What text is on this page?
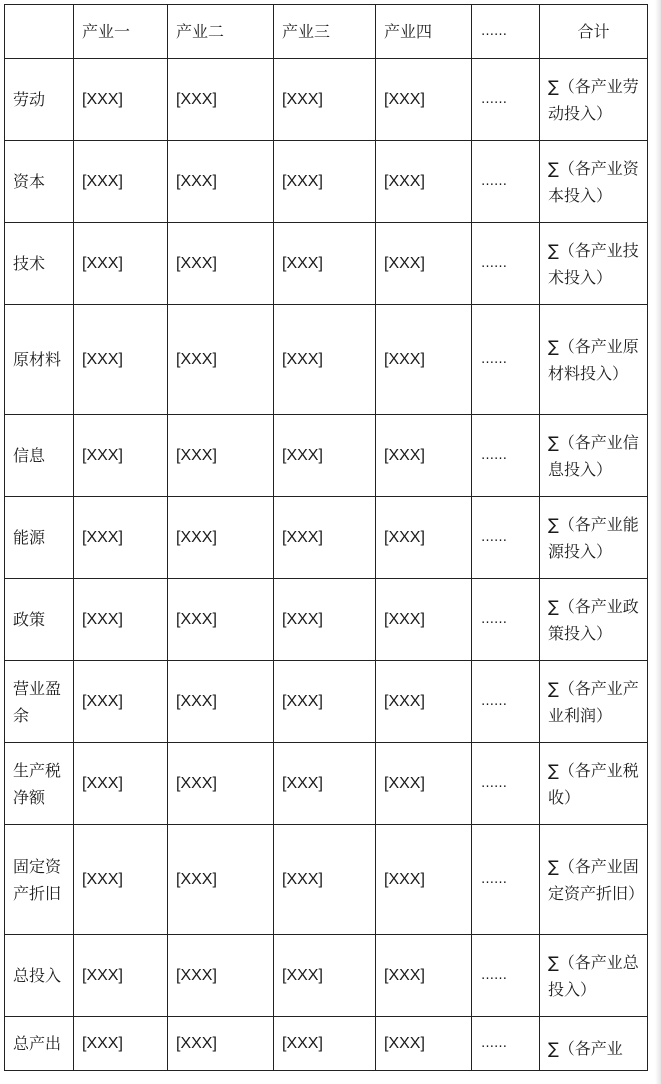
	产业一	产业二	产业三	产业四	……	合计
劳动	[XXX]	[XXX]	[XXX]	[XXX]	……	∑（各产业劳动投入）

资本	[XXX]	[XXX]	[XXX]	[XXX]	……	∑（各产业资本投入）

技术	[XXX]	[XXX]	[XXX]	[XXX]	……	∑（各产业技术投入）

原材料	[XXX]	[XXX]	[XXX]	[XXX]	……	∑（各产业原材料投入）

信息	[XXX]	[XXX]	[XXX]	[XXX]	……	∑（各产业信息投入）

能源	[XXX]	[XXX]	[XXX]	[XXX]	……	∑（各产业能源投入）

政策	[XXX]	[XXX]	[XXX]	[XXX]	……	∑（各产业政策投入）

营业盈余	[XXX]	[XXX]	[XXX]	[XXX]	……	∑（各产业产业利润）

生产税净额	[XXX]	[XXX]	[XXX]	[XXX]	……	∑（各产业税收）

固定资产折旧	[XXX]	[XXX]	[XXX]	[XXX]	……	∑（各产业固定资产折旧）

总投入	[XXX]	[XXX]	[XXX]	[XXX]	……	∑（各产业总投入）

总产出	[XXX]	[XXX]	[XXX]	[XXX]	……	∑（各产业
